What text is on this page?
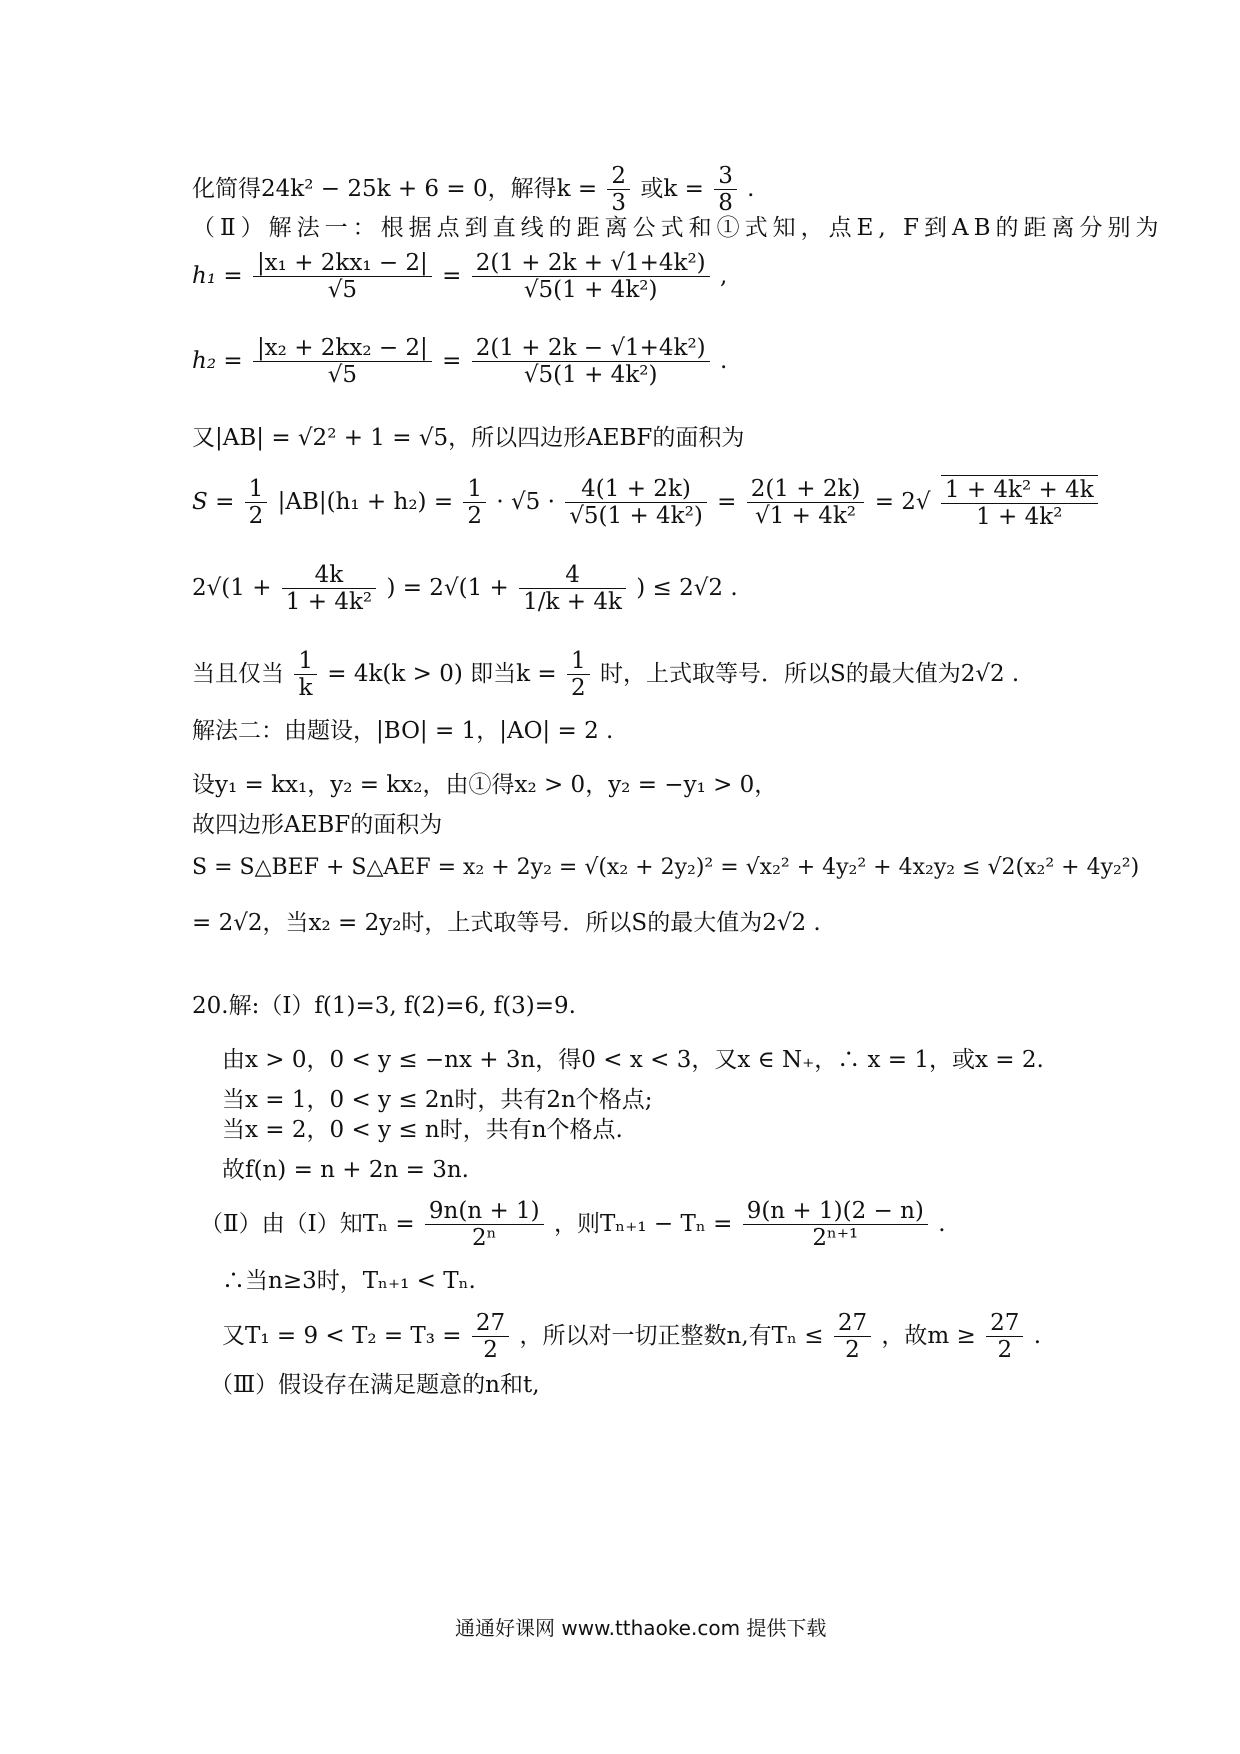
化简得24k² − 25k + 6 = 0，解得$k = \frac{2}{3}$ 或$k = \frac{3}{8}$ .
（Ⅱ）解法一：根据点到直线的距离公式和①式知，点E, F到AB的距离分别为
$h_1 = \frac{\text{|x₁ + 2kx₁ − 2|}}{√5} = \frac{\text{2(1 + 2k + √1+4k²)}}{\text{√5(1 + 4k²)}}$ ,
$h_2 = \frac{\text{|x₂ + 2kx₂ − 2|}}{√5} = \frac{\text{2(1 + 2k − √1+4k²)}}{\text{√5(1 + 4k²)}}$ .
又|AB| = √2² + 1 = √5，所以四边形AEBF的面积为
$S = \frac{1}{2} |AB|(h_1 + h_2) = \frac{1}{2} \cdot √5 \cdot \frac{4(1 + 2k)}{\text{√5(1 + 4k²)}} = \frac{2(1 + 2k)}{\text{√1 + 4k²}} = 2√ \frac{\text{1 + 4k² + 4k}}{\text{1 + 4k²}}$
$2√(1 + \frac{4k}{\text{1 + 4k²}}$ ) = $2√(1 + \frac{4}{1/k + 4k}$ ) ≤ 2√2 .
当且仅当 $\frac{1}{k} = 4k(k > 0)$ 即当$k = \frac{1}{2}$ 时，上式取等号．所以S的最大值为2√2 .
解法二：由题设，|BO| = 1，|AO| = 2 .
设y₁ = kx₁，y₂ = kx₂，由①得x₂ > 0，y₂ = −y₁ > 0，
故四边形AEBF的面积为
S = S△BEF + S△AEF = x₂ + 2y₂ = √(x₂ + 2y₂)² = √x₂² + 4y₂² + 4x₂y₂ ≤ √2(x₂² + 4y₂²)
= 2√2，当x₂ = 2y₂时，上式取等号．所以S的最大值为2√2 .
20.解:（Ⅰ）f(1)=3, f(2)=6, f(3)=9.
由x > 0，0 < y ≤ −nx + 3n，得0 < x < 3，又x ∈ N₊，∴ x = 1，或x = 2.
当x = 1，0 < y ≤ 2n时，共有2n个格点;
当x = 2，0 < y ≤ n时，共有n个格点.
故f(n) = n + 2n = 3n.
（Ⅱ）由（Ⅰ）知$T_n = \frac{9n(n + 1)}{\text{2ⁿ}}$ ，则$T_{n+1} - T_n = \frac{9(n + 1)(2 - n)}{\text{2ⁿ⁺¹}}$ .
∴当n≥3时，Tₙ₊₁ < Tₙ.
又$T_1 = 9 < T_2 = T_3 = \frac{27}{2}$ ，所以对一切正整数n,有$T_n \le \frac{27}{2}$ ，故$m \ge \frac{27}{2}$ .
（Ⅲ）假设存在满足题意的n和t,
通通好课网 www.tthaoke.com 提供下载
